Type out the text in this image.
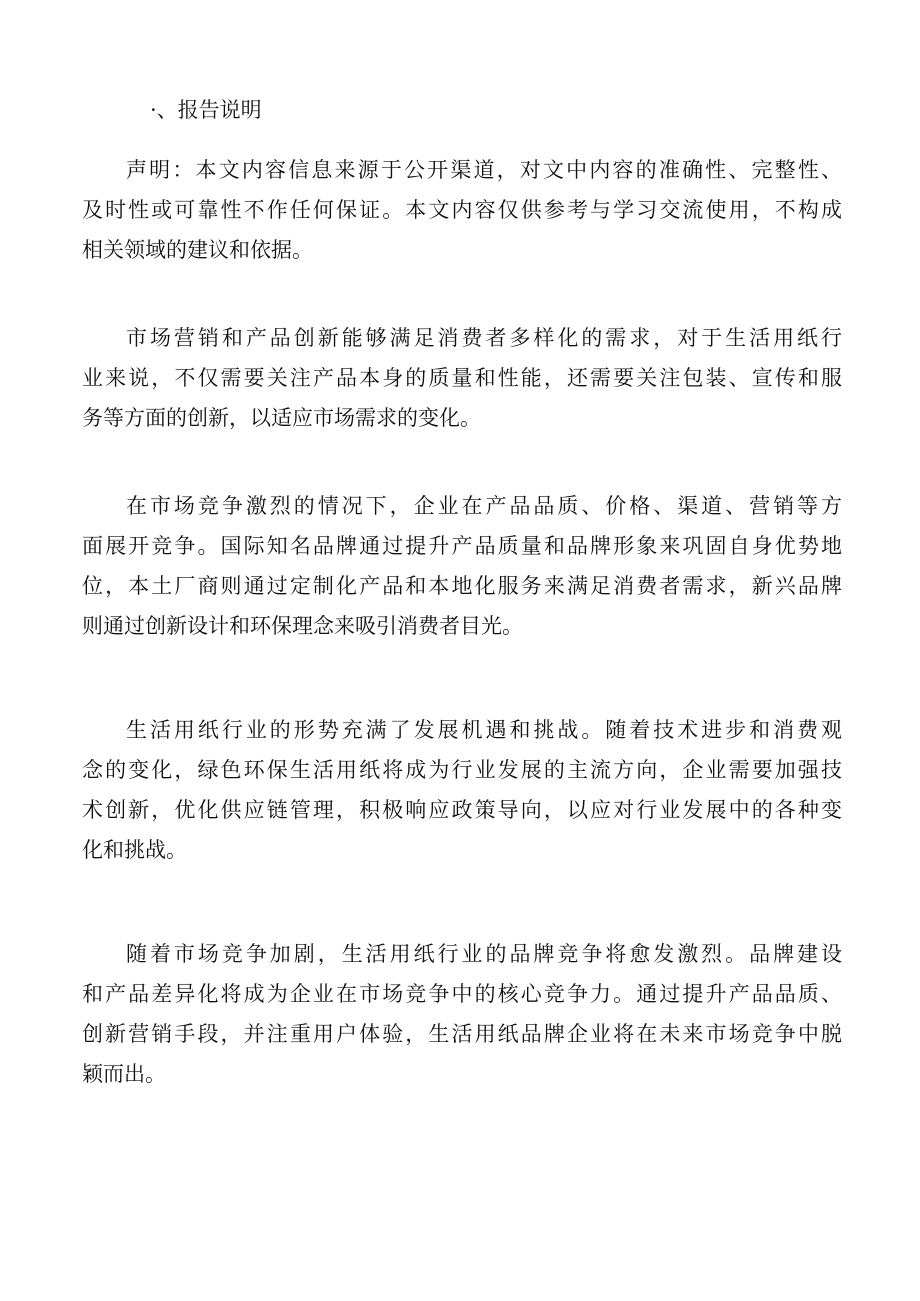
·、报告说明
声明：本文内容信息来源于公开渠道，对文中内容的准确性、完整性、
及时性或可靠性不作任何保证。本文内容仅供参考与学习交流使用，不构成
相关领域的建议和依据。
市场营销和产品创新能够满足消费者多样化的需求，对于生活用纸行
业来说，不仅需要关注产品本身的质量和性能，还需要关注包装、宣传和服
务等方面的创新，以适应市场需求的变化。
在市场竞争激烈的情况下，企业在产品品质、价格、渠道、营销等方
面展开竞争。国际知名品牌通过提升产品质量和品牌形象来巩固自身优势地
位，本土厂商则通过定制化产品和本地化服务来满足消费者需求，新兴品牌
则通过创新设计和环保理念来吸引消费者目光。
生活用纸行业的形势充满了发展机遇和挑战。随着技术进步和消费观
念的变化，绿色环保生活用纸将成为行业发展的主流方向，企业需要加强技
术创新，优化供应链管理，积极响应政策导向，以应对行业发展中的各种变
化和挑战。
随着市场竞争加剧，生活用纸行业的品牌竞争将愈发激烈。品牌建设
和产品差异化将成为企业在市场竞争中的核心竞争力。通过提升产品品质、
创新营销手段，并注重用户体验，生活用纸品牌企业将在未来市场竞争中脱
颖而出。
